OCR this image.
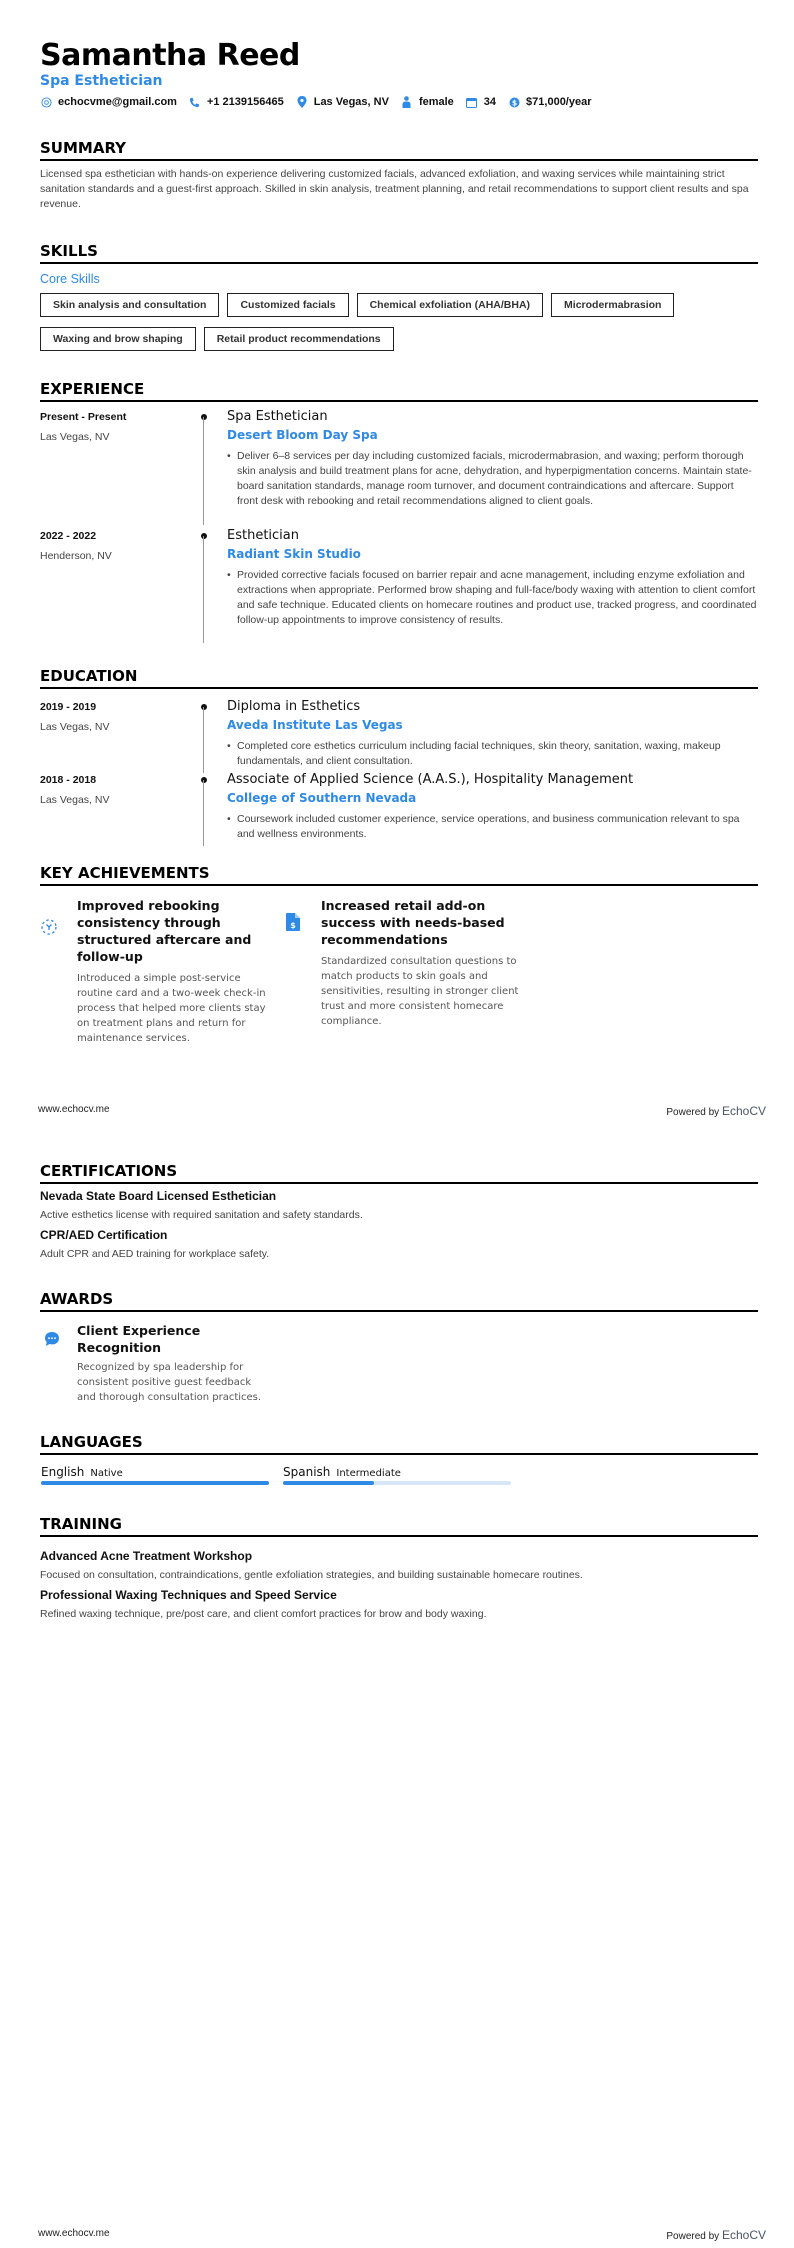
Samantha Reed
Spa Esthetician
echocvme@gmail.com	+1 2139156465	Las Vegas, NV	female	34 $ $71,000/year
SUMMARY
Licensed spa esthetician with hands-on experience delivering customized facials, advanced exfoliation, and waxing services while maintaining strict sanitation standards and a guest-first approach. Skilled in skin analysis, treatment planning, and retail recommendations to support client results and spa revenue.
SKILLS
Core Skills
Skin analysis and consultation	Customized facials	Chemical exfoliation (AHA/BHA)	Microdermabrasion
Waxing and brow shaping	Retail product recommendations
EXPERIENCE
Present - Present
Las Vegas, NV
Spa Esthetician
Desert Bloom Day Spa
• Deliver 6–8 services per day including customized facials, microdermabrasion, and waxing; perform thorough skin analysis and build treatment plans for acne, dehydration, and hyperpigmentation concerns. Maintain state-board sanitation standards, manage room turnover, and document contraindications and aftercare. Support front desk with rebooking and retail recommendations aligned to client goals.
2022 - 2022
Henderson, NV
Esthetician
Radiant Skin Studio
• Provided corrective facials focused on barrier repair and acne management, including enzyme exfoliation and extractions when appropriate. Performed brow shaping and full-face/body waxing with attention to client comfort and safe technique. Educated clients on homecare routines and product use, tracked progress, and coordinated follow-up appointments to improve consistency of results.
EDUCATION
2019 - 2019
Las Vegas, NV
Diploma in Esthetics
Aveda Institute Las Vegas
• Completed core esthetics curriculum including facial techniques, skin theory, sanitation, waxing, makeup fundamentals, and client consultation.
2018 - 2018
Las Vegas, NV
Associate of Applied Science (A.A.S.), Hospitality Management
College of Southern Nevada
• Coursework included customer experience, service operations, and business communication relevant to spa and wellness environments.
KEY ACHIEVEMENTS
Improved rebooking consistency through structured aftercare and follow-up
Introduced a simple post-service routine card and a two-week check-in process that helped more clients stay on treatment plans and return for maintenance services.
$
Increased retail add-on success with needs-based recommendations
Standardized consultation questions to match products to skin goals and sensitivities, resulting in stronger client trust and more consistent homecare compliance.
www.echocv.me	Powered by EchoCV
CERTIFICATIONS
Nevada State Board Licensed Esthetician
Active esthetics license with required sanitation and safety standards.
CPR/AED Certification
Adult CPR and AED training for workplace safety.
AWARDS
Client Experience Recognition
Recognized by spa leadership for consistent positive guest feedback and thorough consultation practices.
LANGUAGES
English Native	Spanish Intermediate
TRAINING
Advanced Acne Treatment Workshop
Focused on consultation, contraindications, gentle exfoliation strategies, and building sustainable homecare routines.
Professional Waxing Techniques and Speed Service
Refined waxing technique, pre/post care, and client comfort practices for brow and body waxing.
www.echocv.me	Powered by EchoCV
